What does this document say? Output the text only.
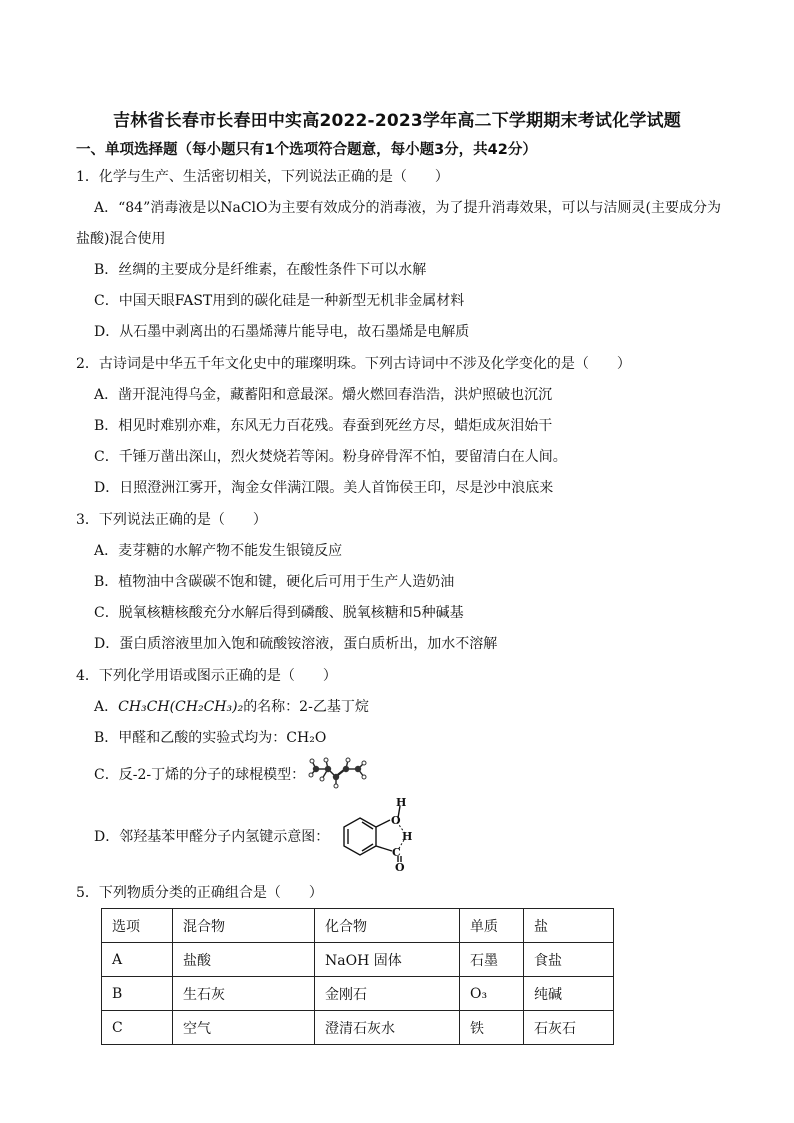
吉林省长春市长春田中实高2022-2023学年高二下学期期末考试化学试题
一、单项选择题（每小题只有1个选项符合题意，每小题3分，共42分）
1．化学与生产、生活密切相关，下列说法正确的是（　　）
A．“84”消毒液是以NaClO为主要有效成分的消毒液，为了提升消毒效果，可以与洁厕灵(主要成分为
盐酸)混合使用
B．丝绸的主要成分是纤维素，在酸性条件下可以水解
C．中国天眼FAST用到的碳化硅是一种新型无机非金属材料
D．从石墨中剥离出的石墨烯薄片能导电，故石墨烯是电解质
2．古诗词是中华五千年文化史中的璀璨明珠。下列古诗词中不涉及化学变化的是（　　）
A．凿开混沌得乌金，藏蓄阳和意最深。爝火燃回春浩浩，洪炉照破也沉沉
B．相见时难别亦难，东风无力百花残。春蚕到死丝方尽，蜡炬成灰泪始干
C．千锤万凿出深山，烈火焚烧若等闲。粉身碎骨浑不怕，要留清白在人间。
D．日照澄洲江雾开，淘金女伴满江隈。美人首饰侯王印，尽是沙中浪底来
3．下列说法正确的是（　　）
A．麦芽糖的水解产物不能发生银镜反应
B．植物油中含碳碳不饱和键，硬化后可用于生产人造奶油
C．脱氧核糖核酸充分水解后得到磷酸、脱氧核糖和5种碱基
D．蛋白质溶液里加入饱和硫酸铵溶液，蛋白质析出，加水不溶解
4．下列化学用语或图示正确的是（　　）
A．CH₃CH(CH₂CH₃)₂的名称：2-乙基丁烷
B．甲醛和乙酸的实验式均为：CH₂O
C．反-2-丁烯的分子的球棍模型：
D．邻羟基苯甲醛分子内氢键示意图：
H
O
H
C
O
5．下列物质分类的正确组合是（　　）
选项	混合物	化合物	单质	盐
A	盐酸	NaOH 固体	石墨	食盐
B	生石灰	金刚石	O₃	纯碱
C	空气	澄清石灰水	铁	石灰石
